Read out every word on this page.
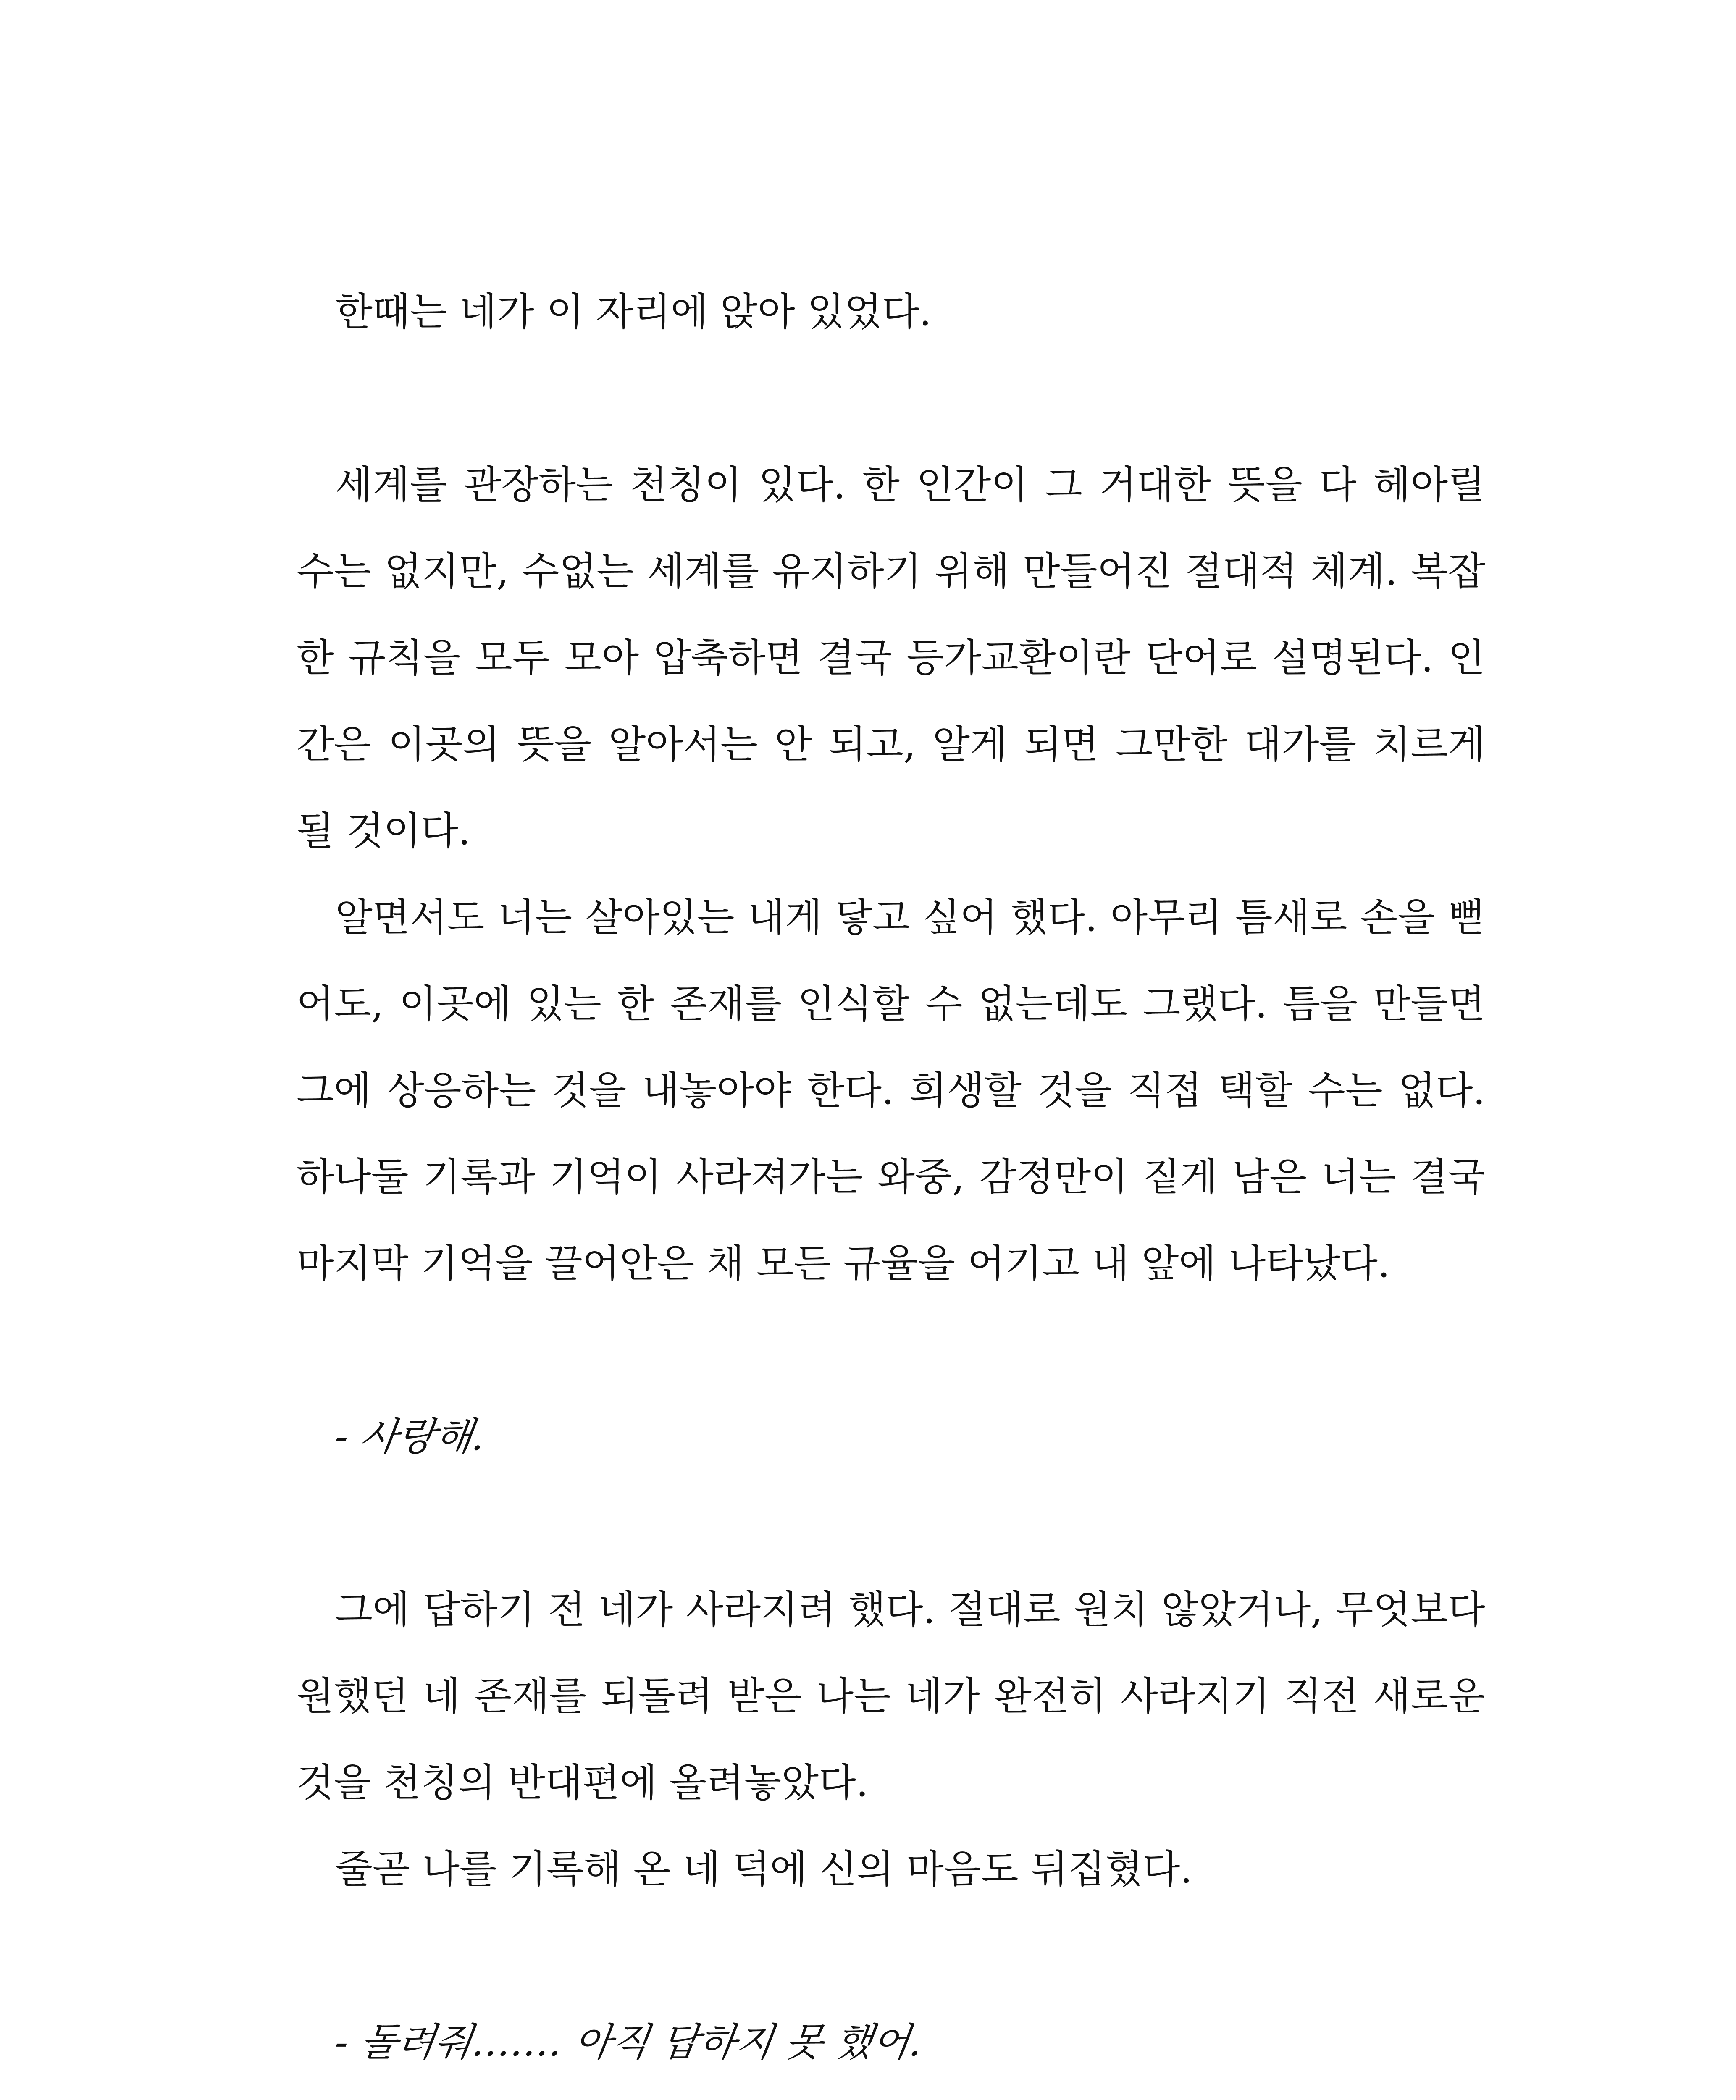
한때는 네가 이 자리에 앉아 있었다.

세계를 관장하는 천칭이 있다. 한 인간이 그 거대한 뜻을 다 헤아릴 수는 없지만, 수없는 세계를 유지하기 위해 만들어진 절대적 체계. 복잡한 규칙을 모두 모아 압축하면 결국 등가교환이란 단어로 설명된다. 인간은 이곳의 뜻을 알아서는 안 되고, 알게 되면 그만한 대가를 치르게 될 것이다.

알면서도 너는 살아있는 내게 닿고 싶어 했다. 아무리 틈새로 손을 뻗어도, 이곳에 있는 한 존재를 인식할 수 없는데도 그랬다. 틈을 만들면 그에 상응하는 것을 내놓아야 한다. 희생할 것을 직접 택할 수는 없다. 하나둘 기록과 기억이 사라져가는 와중, 감정만이 짙게 남은 너는 결국 마지막 기억을 끌어안은 채 모든 규율을 어기고 내 앞에 나타났다.

- 사랑해.

그에 답하기 전 네가 사라지려 했다. 절대로 원치 않았거나, 무엇보다 원했던 네 존재를 되돌려 받은 나는 네가 완전히 사라지기 직전 새로운 것을 천칭의 반대편에 올려놓았다.

줄곧 나를 기록해 온 네 덕에 신의 마음도 뒤집혔다.

- 돌려줘……. 아직 답하지 못 했어.
